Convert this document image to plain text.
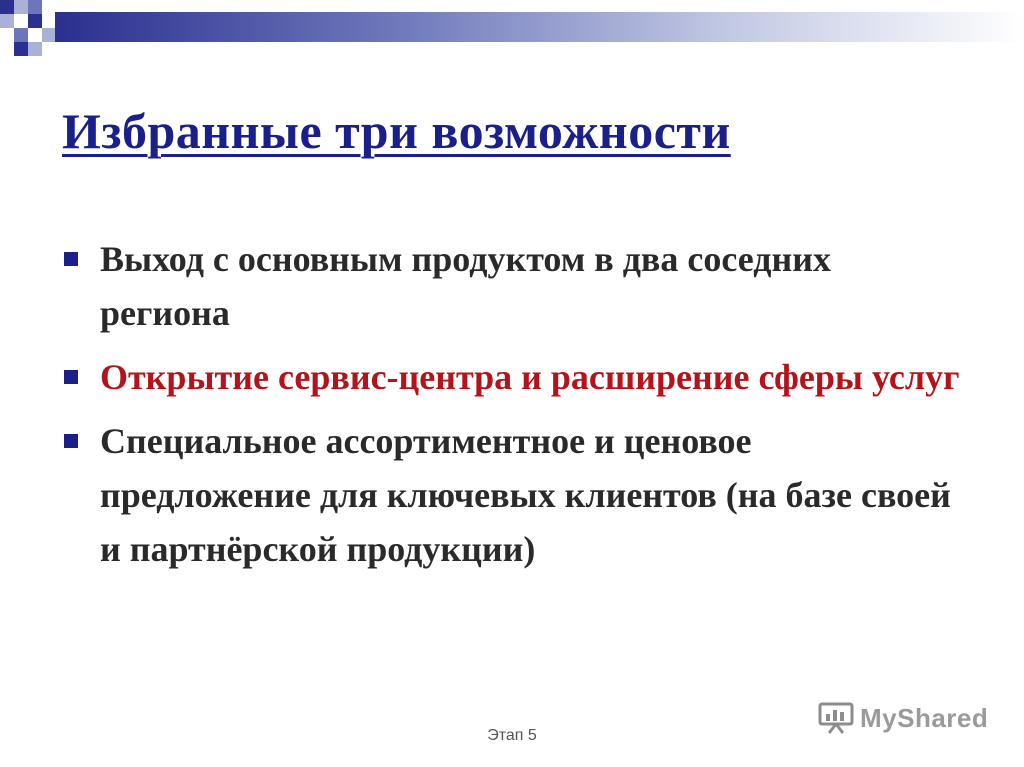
Избранные три возможности
Выход с основным продуктом в два соседних региона
Открытие сервис-центра и расширение сферы услуг
Специальное ассортиментное и ценовое предложение для ключевых клиентов (на базе своей и партнёрской продукции)
Этап 5
MyShared
